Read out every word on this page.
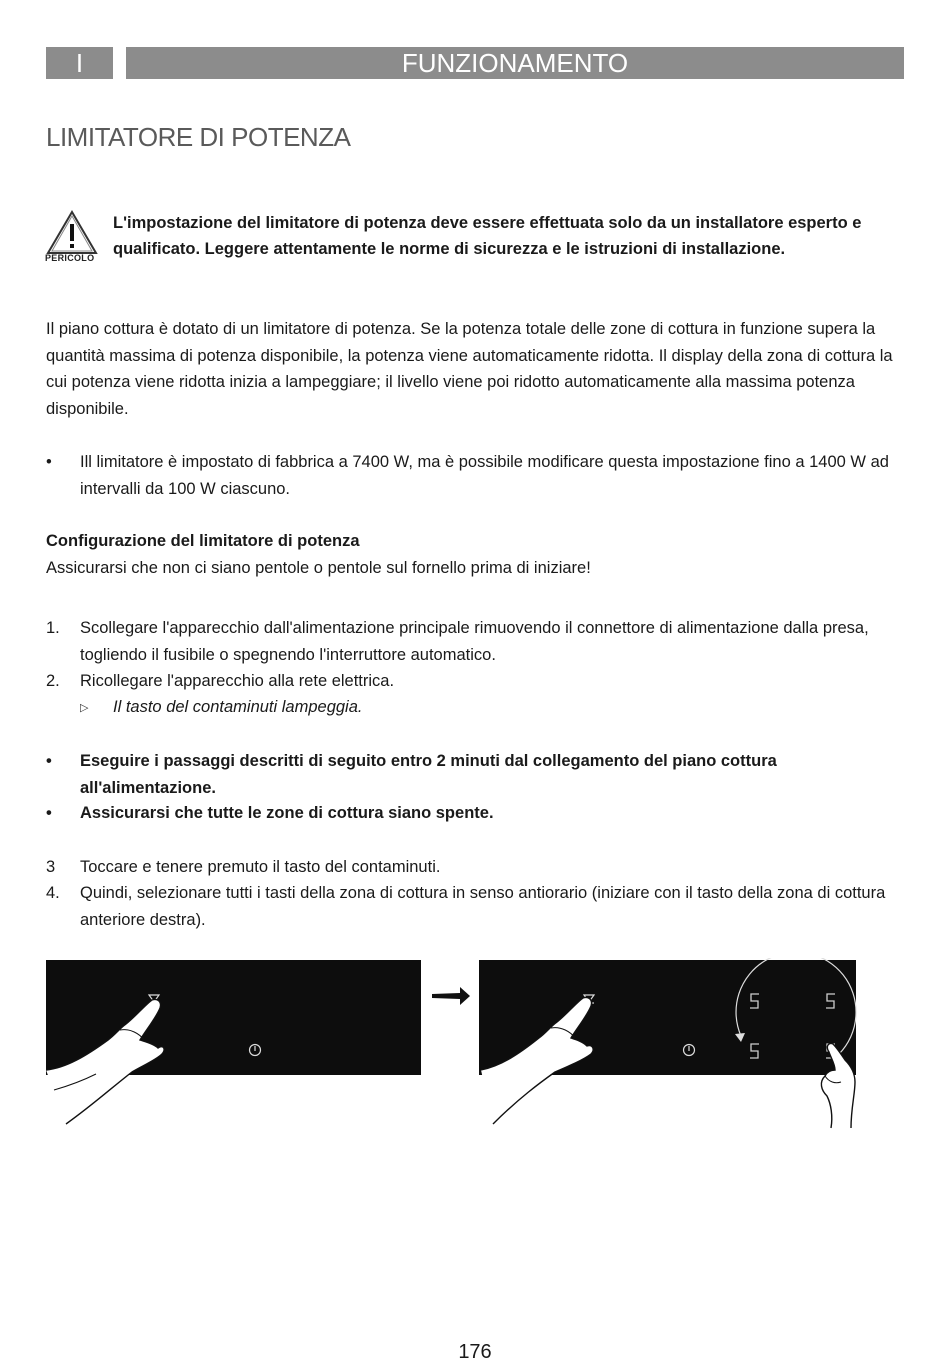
I	FUNZIONAMENTO
LIMITATORE DI POTENZA
PERICOLO
L'impostazione del limitatore di potenza deve essere effettuata solo da un installatore esperto e qualificato. Leggere attentamente le norme di sicurezza e le istruzioni di installazione.
Il piano cottura è dotato di un limitatore di potenza. Se la potenza totale delle zone di cottura in funzione supera la quantità massima di potenza disponibile, la potenza viene automaticamente ridotta. Il display della zona di cottura la cui potenza viene ridotta inizia a lampeggiare; il livello viene poi ridotto automaticamente alla massima potenza disponibile.
• Ill limitatore è impostato di fabbrica a 7400 W, ma è possibile modificare questa impostazione fino a 1400 W ad intervalli da 100 W ciascuno.
Configurazione del limitatore di potenza
Assicurarsi che non ci siano pentole o pentole sul fornello prima di iniziare!
1. Scollegare l'apparecchio dall'alimentazione principale rimuovendo il connettore di alimentazione dalla presa, togliendo il fusibile o spegnendo l'interruttore automatico.
2. Ricollegare l'apparecchio alla rete elettrica.
▷ Il tasto del contaminuti lampeggia.
• Eseguire i passaggi descritti di seguito entro 2 minuti dal collegamento del piano cottura all'alimentazione.
• Assicurarsi che tutte le zone di cottura siano spente.
3 Toccare e tenere premuto il tasto del contaminuti.
4. Quindi, selezionare tutti i tasti della zona di cottura in senso antiorario (iniziare con il tasto della zona di cottura anteriore destra).
176
